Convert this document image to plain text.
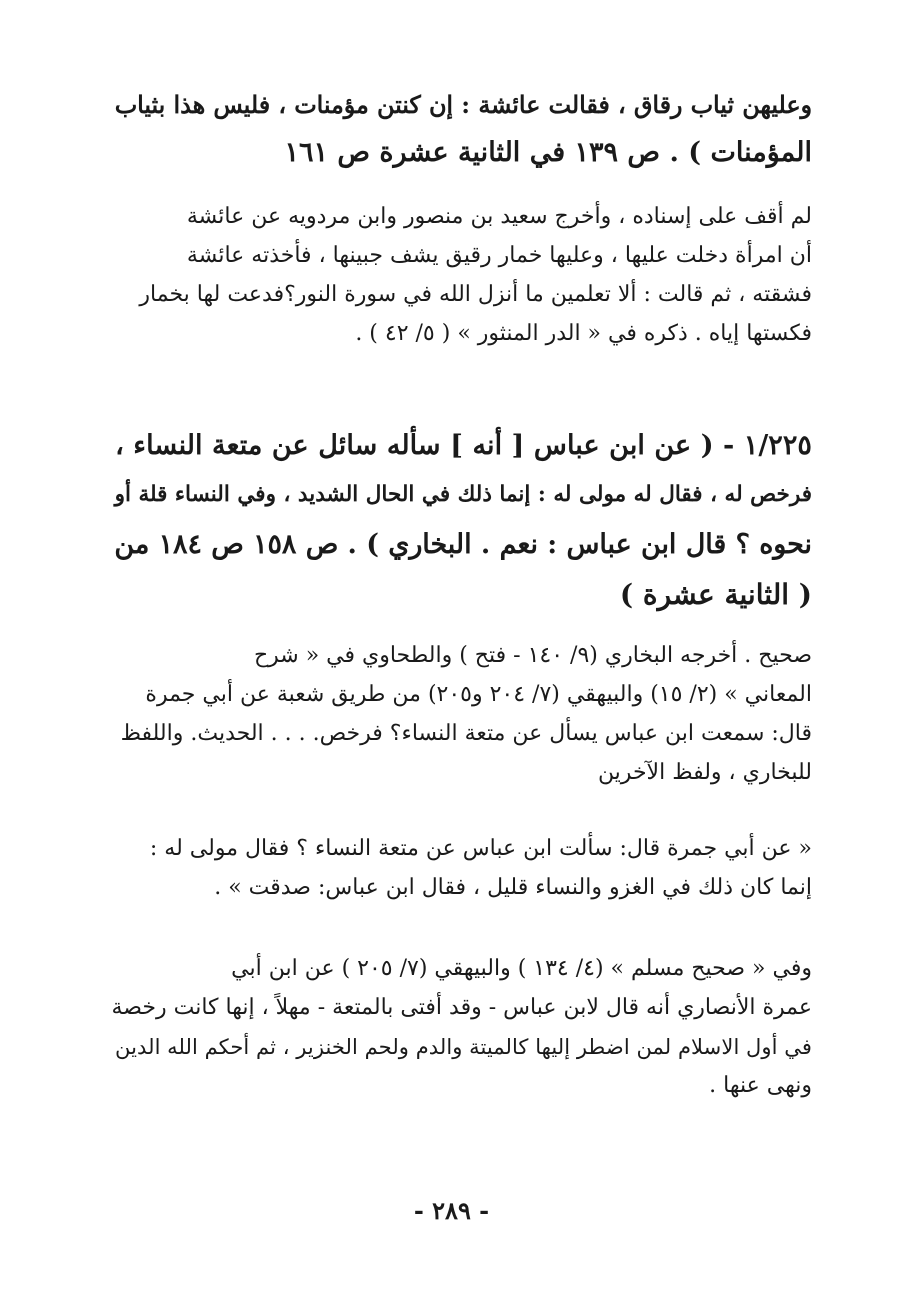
وعليهن ثياب رقاق ، فقالت عائشة : إن كنتن مؤمنات ، فليس هذا بثياب
المؤمنات ) . ص ١٣٩ في الثانية عشرة ص ١٦١
لم أقف على إسناده ، وأخرج سعيد بن منصور وابن مردويه عن عائشة
أن امرأة دخلت عليها ، وعليها خمار رقيق يشف جبينها ، فأخذته عائشة
فشقته ، ثم قالت : ألا تعلمين ما أنزل الله في سورة النور؟فدعت لها بخمار
فكستها إياه . ذكره في « الدر المنثور » ( ٥/ ٤٢ ) .
١/٢٢٥ - ( عن ابن عباس [ أنه ] سأله سائل عن متعة النساء ،
فرخص له ، فقال له مولى له : إنما ذلك في الحال الشديد ، وفي النساء قلة أو
نحوه ؟ قال ابن عباس : نعم . البخاري ) . ص ١٥٨ ص ١٨٤ من
( الثانية عشرة )
صحيح . أخرجه البخاري (٩/ ١٤٠ - فتح ) والطحاوي في « شرح
المعاني » (٢/ ١٥) والبيهقي (٧/ ٢٠٤ و٢٠٥) من طريق شعبة عن أبي جمرة
قال: سمعت ابن عباس يسأل عن متعة النساء؟ فرخص. . . . الحديث. واللفظ
للبخاري ، ولفظ الآخرين
« عن أبي جمرة قال: سألت ابن عباس عن متعة النساء ؟ فقال مولى له :
إنما كان ذلك في الغزو والنساء قليل ، فقال ابن عباس: صدقت » .
وفي « صحيح مسلم » (٤/ ١٣٤ ) والبيهقي (٧/ ٢٠٥ ) عن ابن أبي
عمرة الأنصاري أنه قال لابن عباس - وقد أفتى بالمتعة - مهلاً ، إنها كانت رخصة
في أول الاسلام لمن اضطر إليها كالميتة والدم ولحم الخنزير ، ثم أحكم الله الدين
ونهى عنها .
- ٢٨٩ -
